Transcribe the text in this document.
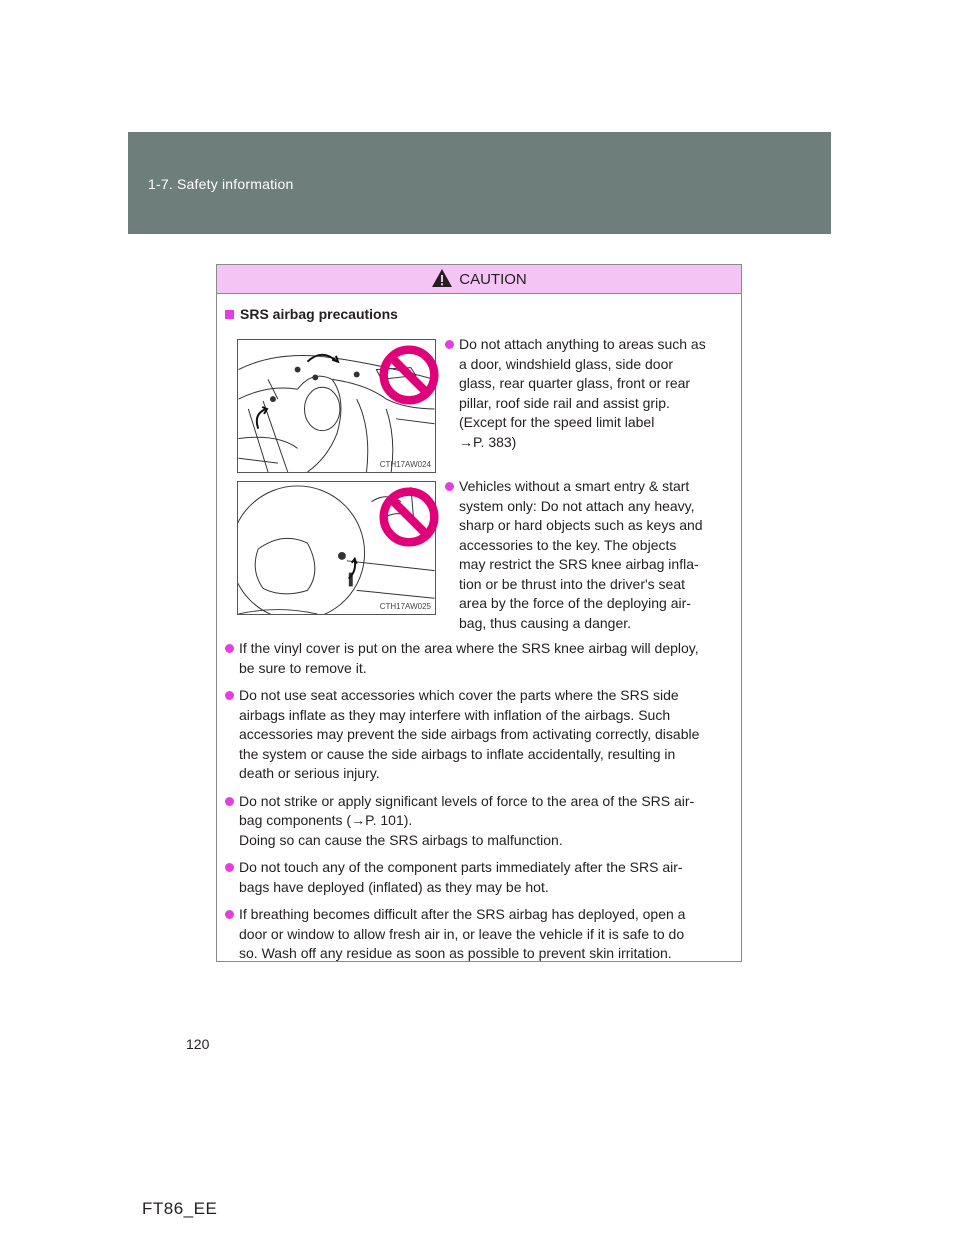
1-7. Safety information
CAUTION
SRS airbag precautions
CTH17AW024
Do not attach anything to areas such as
a door, windshield glass, side door
glass, rear quarter glass, front or rear
pillar, roof side rail and assist grip.
(Except for the speed limit label
→P. 383)
CTH17AW025
Vehicles without a smart entry & start
system only: Do not attach any heavy,
sharp or hard objects such as keys and
accessories to the key. The objects
may restrict the SRS knee airbag infla-
tion or be thrust into the driver's seat
area by the force of the deploying air-
bag, thus causing a danger.
If the vinyl cover is put on the area where the SRS knee airbag will deploy,
be sure to remove it.
Do not use seat accessories which cover the parts where the SRS side
airbags inflate as they may interfere with inflation of the airbags. Such
accessories may prevent the side airbags from activating correctly, disable
the system or cause the side airbags to inflate accidentally, resulting in
death or serious injury.
Do not strike or apply significant levels of force to the area of the SRS air-
bag components (→P. 101).
Doing so can cause the SRS airbags to malfunction.
Do not touch any of the component parts immediately after the SRS air-
bags have deployed (inflated) as they may be hot.
If breathing becomes difficult after the SRS airbag has deployed, open a
door or window to allow fresh air in, or leave the vehicle if it is safe to do
so. Wash off any residue as soon as possible to prevent skin irritation.
120
FT86_EE
